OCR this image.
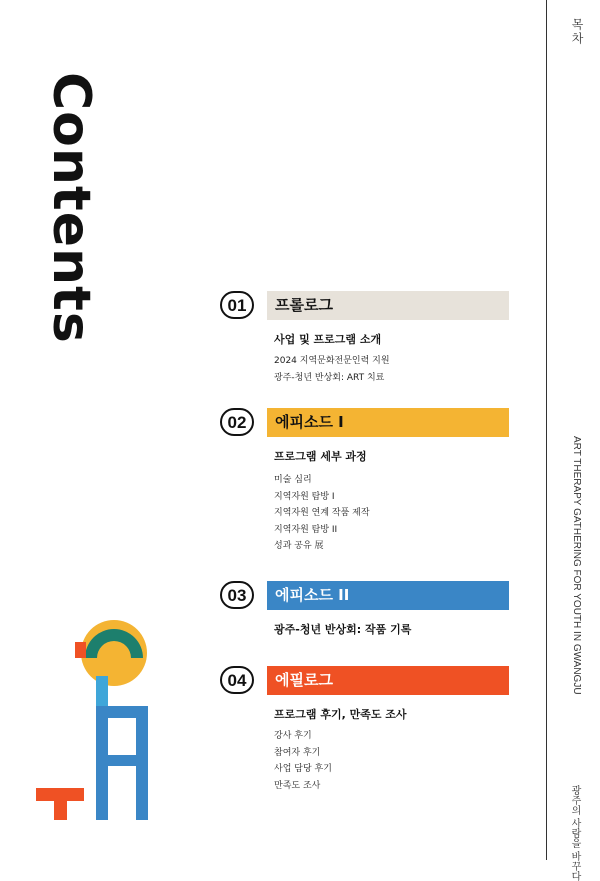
Contents
목차
ART THERAPY GATHERING FOR YOUTH IN GWANGJU
광주의 사람을 바꾸다
01	프롤로그
사업 및 프로그램 소개
2024 지역문화전문인력 지원
광주-청년 반상회: ART 치료
02	에피소드 I
프로그램 세부 과정
미술 심리
지역자원 탐방 I
지역자원 연계 작품 제작
지역자원 탐방 II
성과 공유 展
03	에피소드 II
광주-청년 반상회: 작품 기록
04	에필로그
프로그램 후기, 만족도 조사
강사 후기
참여자 후기
사업 담당 후기
만족도 조사
